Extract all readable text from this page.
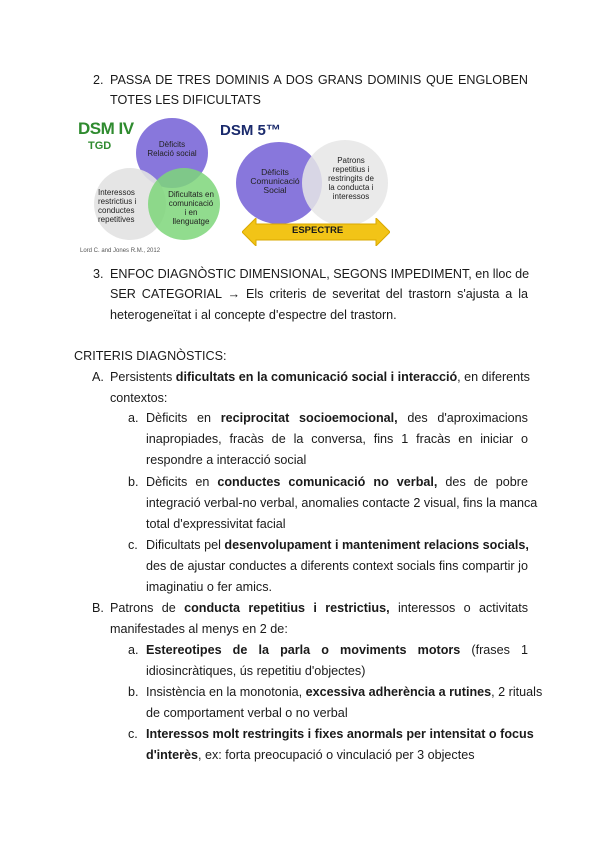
2. PASSA DE TRES DOMINIS A DOS GRANS DOMINIS QUE ENGLOBEN
TOTES LES DIFICULTATS
DSM IV
TGD	Dèficits Relació social
Interessos restrictius i conductes repetitives
Dificultats en comunicació i en llenguatge
Lord C. and Jones R.M., 2012
DSM 5™
Dèficits Comunicació Social
Patrons repetitius i restringits de la conducta i interessos
ESPECTRE
3. ENFOC DIAGNÒSTIC DIMENSIONAL, SEGONS IMPEDIMENT, en lloc de
SER CATEGORIAL → Els criteris de severitat del trastorn s'ajusta a la
heterogeneïtat i al concepte d'espectre del trastorn.
CRITERIS DIAGNÒSTICS:
A. Persistents dificultats en la comunicació social i interacció, en diferents
contextos:
a. Dèficits en reciprocitat socioemocional, des d'aproximacions
inapropiades, fracàs de la conversa, fins 1 fracàs en iniciar o
respondre a interacció social
b. Dèficits en conductes comunicació no verbal, des de pobre
integració verbal-no verbal, anomalies contacte 2 visual, fins la manca
total d'expressivitat facial
c. Dificultats pel desenvolupament i manteniment relacions socials,
des de ajustar conductes a diferents context socials fins compartir jo
imaginatiu o fer amics.
B. Patrons de conducta repetitius i restrictius, interessos o activitats
manifestades al menys en 2 de:
a. Estereotipes de la parla o moviments motors (frases 1
idiosincràtiques, ús repetitiu d'objectes)
b. Insistència en la monotonia, excessiva adherència a rutines, 2 rituals
de comportament verbal o no verbal
c. Interessos molt restringits i fixes anormals per intensitat o focus
d'interès, ex: forta preocupació o vinculació per 3 objectes
